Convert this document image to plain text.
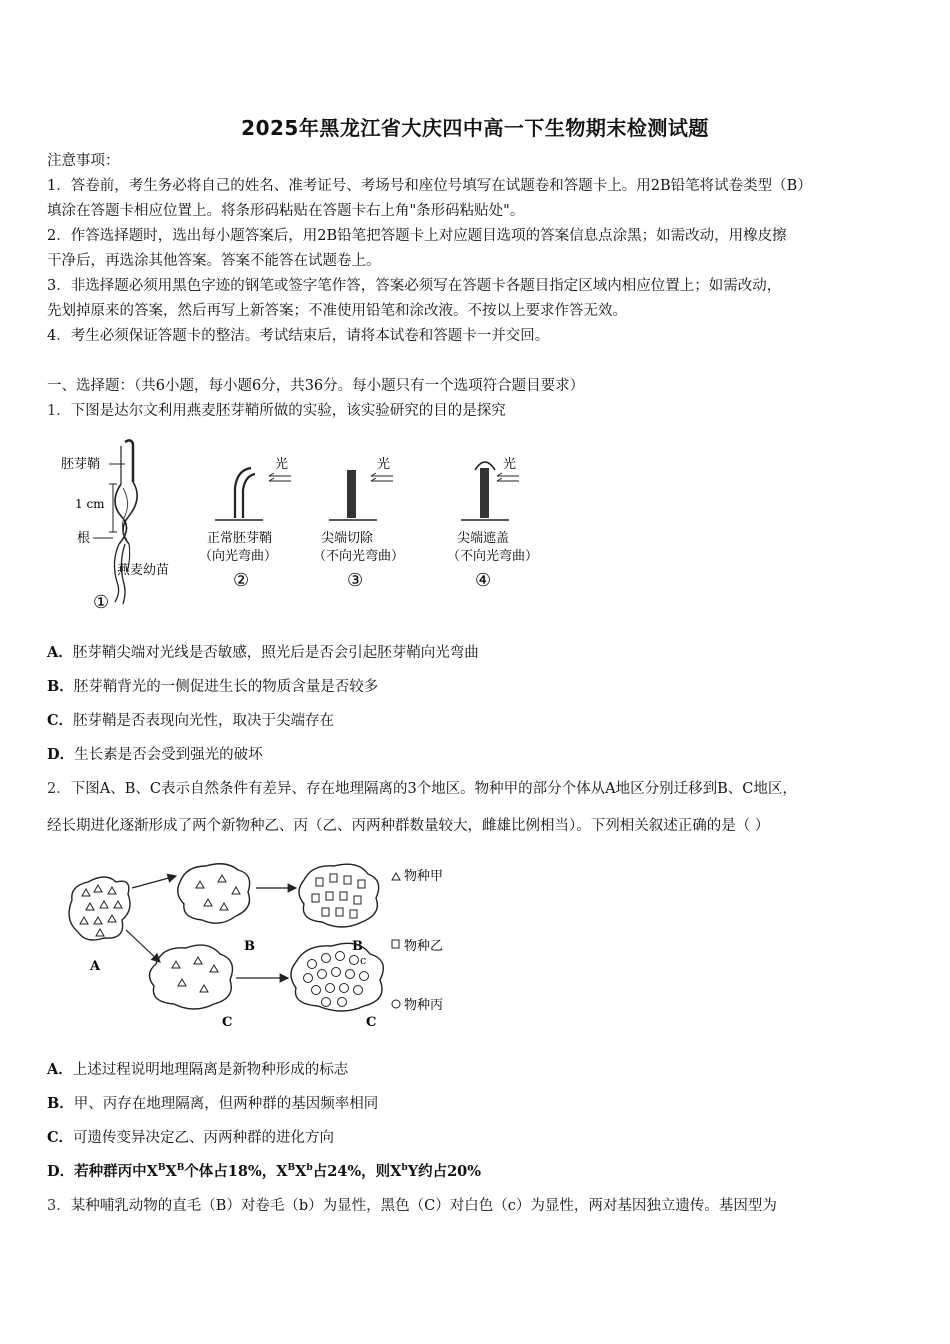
2025年黑龙江省大庆四中高一下生物期末检测试题
注意事项：
1．答卷前，考生务必将自己的姓名、准考证号、考场号和座位号填写在试题卷和答题卡上。用2B铅笔将试卷类型（B）
填涂在答题卡相应位置上。将条形码粘贴在答题卡右上角"条形码粘贴处"。
2．作答选择题时，选出每小题答案后，用2B铅笔把答题卡上对应题目选项的答案信息点涂黑；如需改动，用橡皮擦
干净后，再选涂其他答案。答案不能答在试题卷上。
3．非选择题必须用黑色字迹的钢笔或签字笔作答，答案必须写在答题卡各题目指定区域内相应位置上；如需改动，
先划掉原来的答案，然后再写上新答案；不准使用铅笔和涂改液。不按以上要求作答无效。
4．考生必须保证答题卡的整洁。考试结束后，请将本试卷和答题卡一并交回。
一、选择题：（共6小题，每小题6分，共36分。每小题只有一个选项符合题目要求）
1．下图是达尔文利用燕麦胚芽鞘所做的实验，该实验研究的目的是探究
胚芽鞘
1 cm
根
燕麦幼苗
①
光
正常胚芽鞘
（向光弯曲）
②
光
尖端切除
（不向光弯曲）
③
光
尖端遮盖
（不向光弯曲）
④
A．胚芽鞘尖端对光线是否敏感，照光后是否会引起胚芽鞘向光弯曲
B．胚芽鞘背光的一侧促进生长的物质含量是否较多
C．胚芽鞘是否表现向光性，取决于尖端存在
D．生长素是否会受到强光的破坏
2．下图A、B、C表示自然条件有差异、存在地理隔离的3个地区。物种甲的部分个体从A地区分别迁移到B、C地区，
经长期进化逐渐形成了两个新物种乙、丙（乙、丙两种群数量较大，雌雄比例相当）。下列相关叙述正确的是（ ）
A
B	B
C
c
C
物种甲
物种乙
物种丙
A．上述过程说明地理隔离是新物种形成的标志
B．甲、丙存在地理隔离，但两种群的基因频率相同
C．可遗传变异决定乙、丙两种群的进化方向
D．若种群丙中$X^BX^B$个体占18%，$X^BX^b$占24%，则$X^bY$约占20%
3．某种哺乳动物的直毛（B）对卷毛（b）为显性，黑色（C）对白色（c）为显性，两对基因独立遗传。基因型为
